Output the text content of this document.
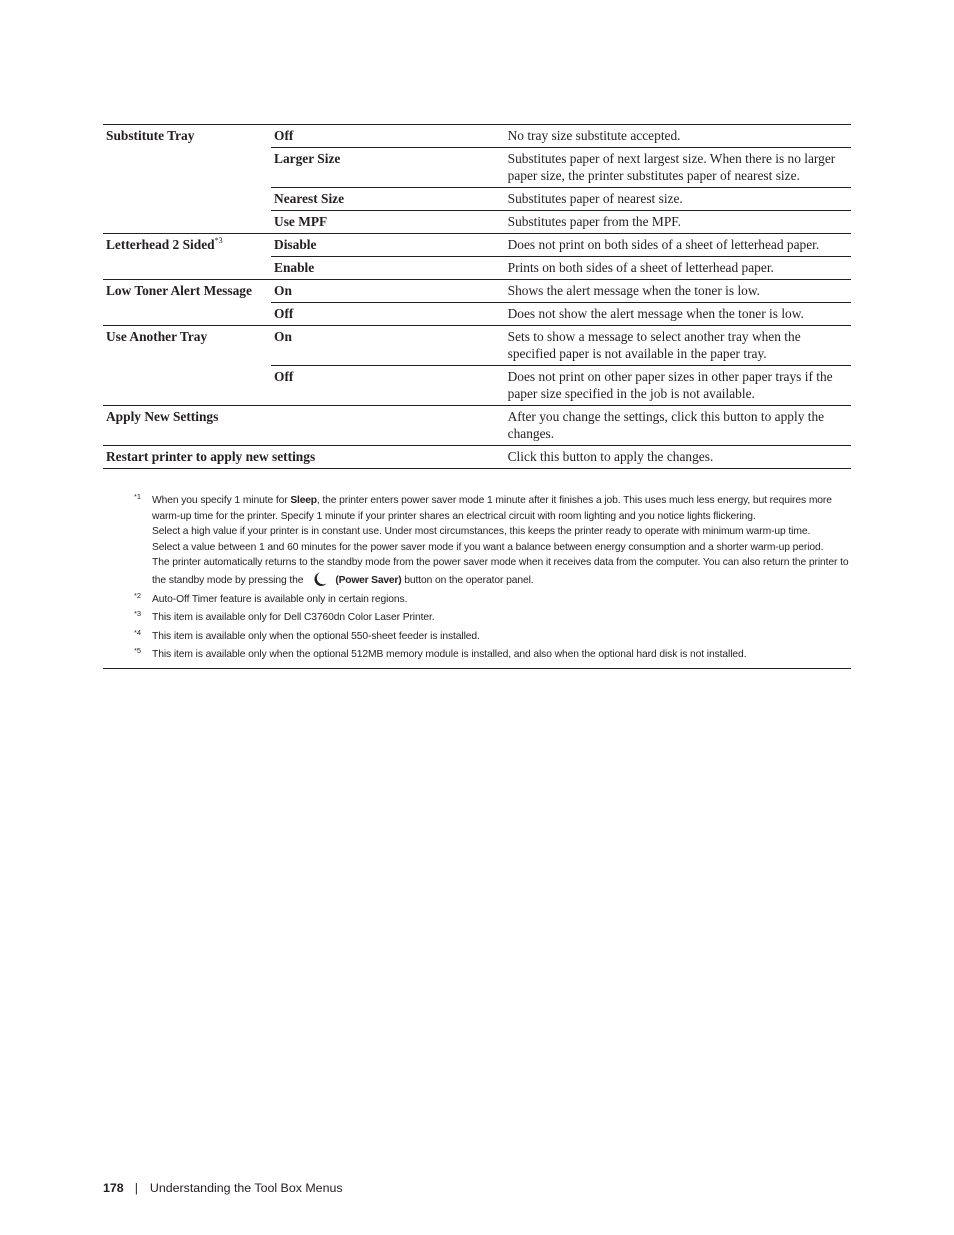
Substitute Tray	Off	No tray size substitute accepted.
	Larger Size	Substitutes paper of next largest size. When there is no larger paper size, the printer substitutes paper of nearest size.
	Nearest Size	Substitutes paper of nearest size.
	Use MPF	Substitutes paper from the MPF.
Letterhead 2 Sided$^{*3}$	Disable	Does not print on both sides of a sheet of letterhead paper.
	Enable	Prints on both sides of a sheet of letterhead paper.
Low Toner Alert Message	On	Shows the alert message when the toner is low.
	Off	Does not show the alert message when the toner is low.
Use Another Tray	On	Sets to show a message to select another tray when the specified paper is not available in the paper tray.
	Off	Does not print on other paper sizes in other paper trays if the paper size specified in the job is not available.
Apply New Settings		After you change the settings, click this button to apply the changes.
Restart printer to apply new settings		Click this button to apply the changes.
*1 When you specify 1 minute for Sleep, the printer enters power saver mode 1 minute after it finishes a job. This uses much less energy, but requires more warm-up time for the printer. Specify 1 minute if your printer shares an electrical circuit with room lighting and you notice lights flickering.

Select a high value if your printer is in constant use. Under most circumstances, this keeps the printer ready to operate with minimum warm-up time.

Select a value between 1 and 60 minutes for the power saver mode if you want a balance between energy consumption and a shorter warm-up period.

The printer automatically returns to the standby mode from the power saver mode when it receives data from the computer. You can also return the printer to the standby mode by pressing the	(Power Saver) button on the operator panel.

*2 Auto-Off Timer feature is available only in certain regions.

*3 This item is available only for Dell C3760dn Color Laser Printer.

*4 This item is available only when the optional 550-sheet feeder is installed.

*5 This item is available only when the optional 512MB memory module is installed, and also when the optional hard disk is not installed.

178 | Understanding the Tool Box Menus
